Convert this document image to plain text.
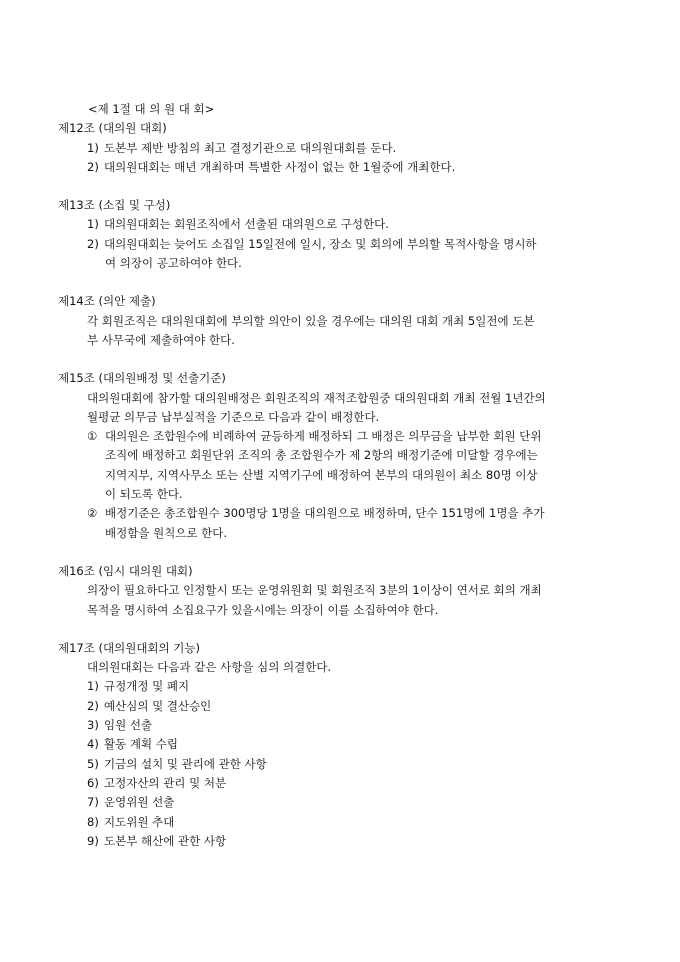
<제 1절 대 의 원 대 회>
제12조 (대의원 대회)
1) 도본부 제반 방침의 최고 결정기관으로 대의원대회를 둔다.
2) 대의원대회는 매년 개최하며 특별한 사정이 없는 한 1월중에 개최한다.
제13조 (소집 및 구성)
1) 대의원대회는 회원조직에서 선출된 대의원으로 구성한다.
2) 대의원대회는 늦어도 소집일 15일전에 일시, 장소 및 회의에 부의할 목적사항을 명시하
여 의장이 공고하여야 한다.
제14조 (의안 제출)
각 회원조직은 대의원대회에 부의할 의안이 있을 경우에는 대의원 대회 개최 5일전에 도본
부 사무국에 제출하여야 한다.
제15조 (대의원배정 및 선출기준)
대의원대회에 참가할 대의원배정은 회원조직의 재적조합원중 대의원대회 개최 전월 1년간의
월평균 의무금 납부실적을 기준으로 다음과 같이 배정한다.
① 대의원은 조합원수에 비례하여 균등하게 배정하되 그 배정은 의무금을 납부한 회원 단위
조직에 배정하고 회원단위 조직의 총 조합원수가 제 2항의 배정기준에 미달할 경우에는
지역지부, 지역사무소 또는 산별 지역기구에 배정하여 본부의 대의원이 최소 80명 이상
이 되도록 한다.
② 배정기준은 총조합원수 300명당 1명을 대의원으로 배정하며, 단수 151명에 1명을 추가
배정함을 원칙으로 한다.
제16조 (임시 대의원 대회)
의장이 필요하다고 인정할시 또는 운영위원회 및 회원조직 3분의 1이상이 연서로 회의 개최
목적을 명시하여 소집요구가 있을시에는 의장이 이를 소집하여야 한다.
제17조 (대의원대회의 기능)
대의원대회는 다음과 같은 사항을 심의 의결한다.
1) 규정개정 및 폐지
2) 예산심의 및 결산승인
3) 임원 선출
4) 활동 계획 수립
5) 기금의 설치 및 관리에 관한 사항
6) 고정자산의 관리 및 처분
7) 운영위원 선출
8) 지도위원 추대
9) 도본부 해산에 관한 사항
